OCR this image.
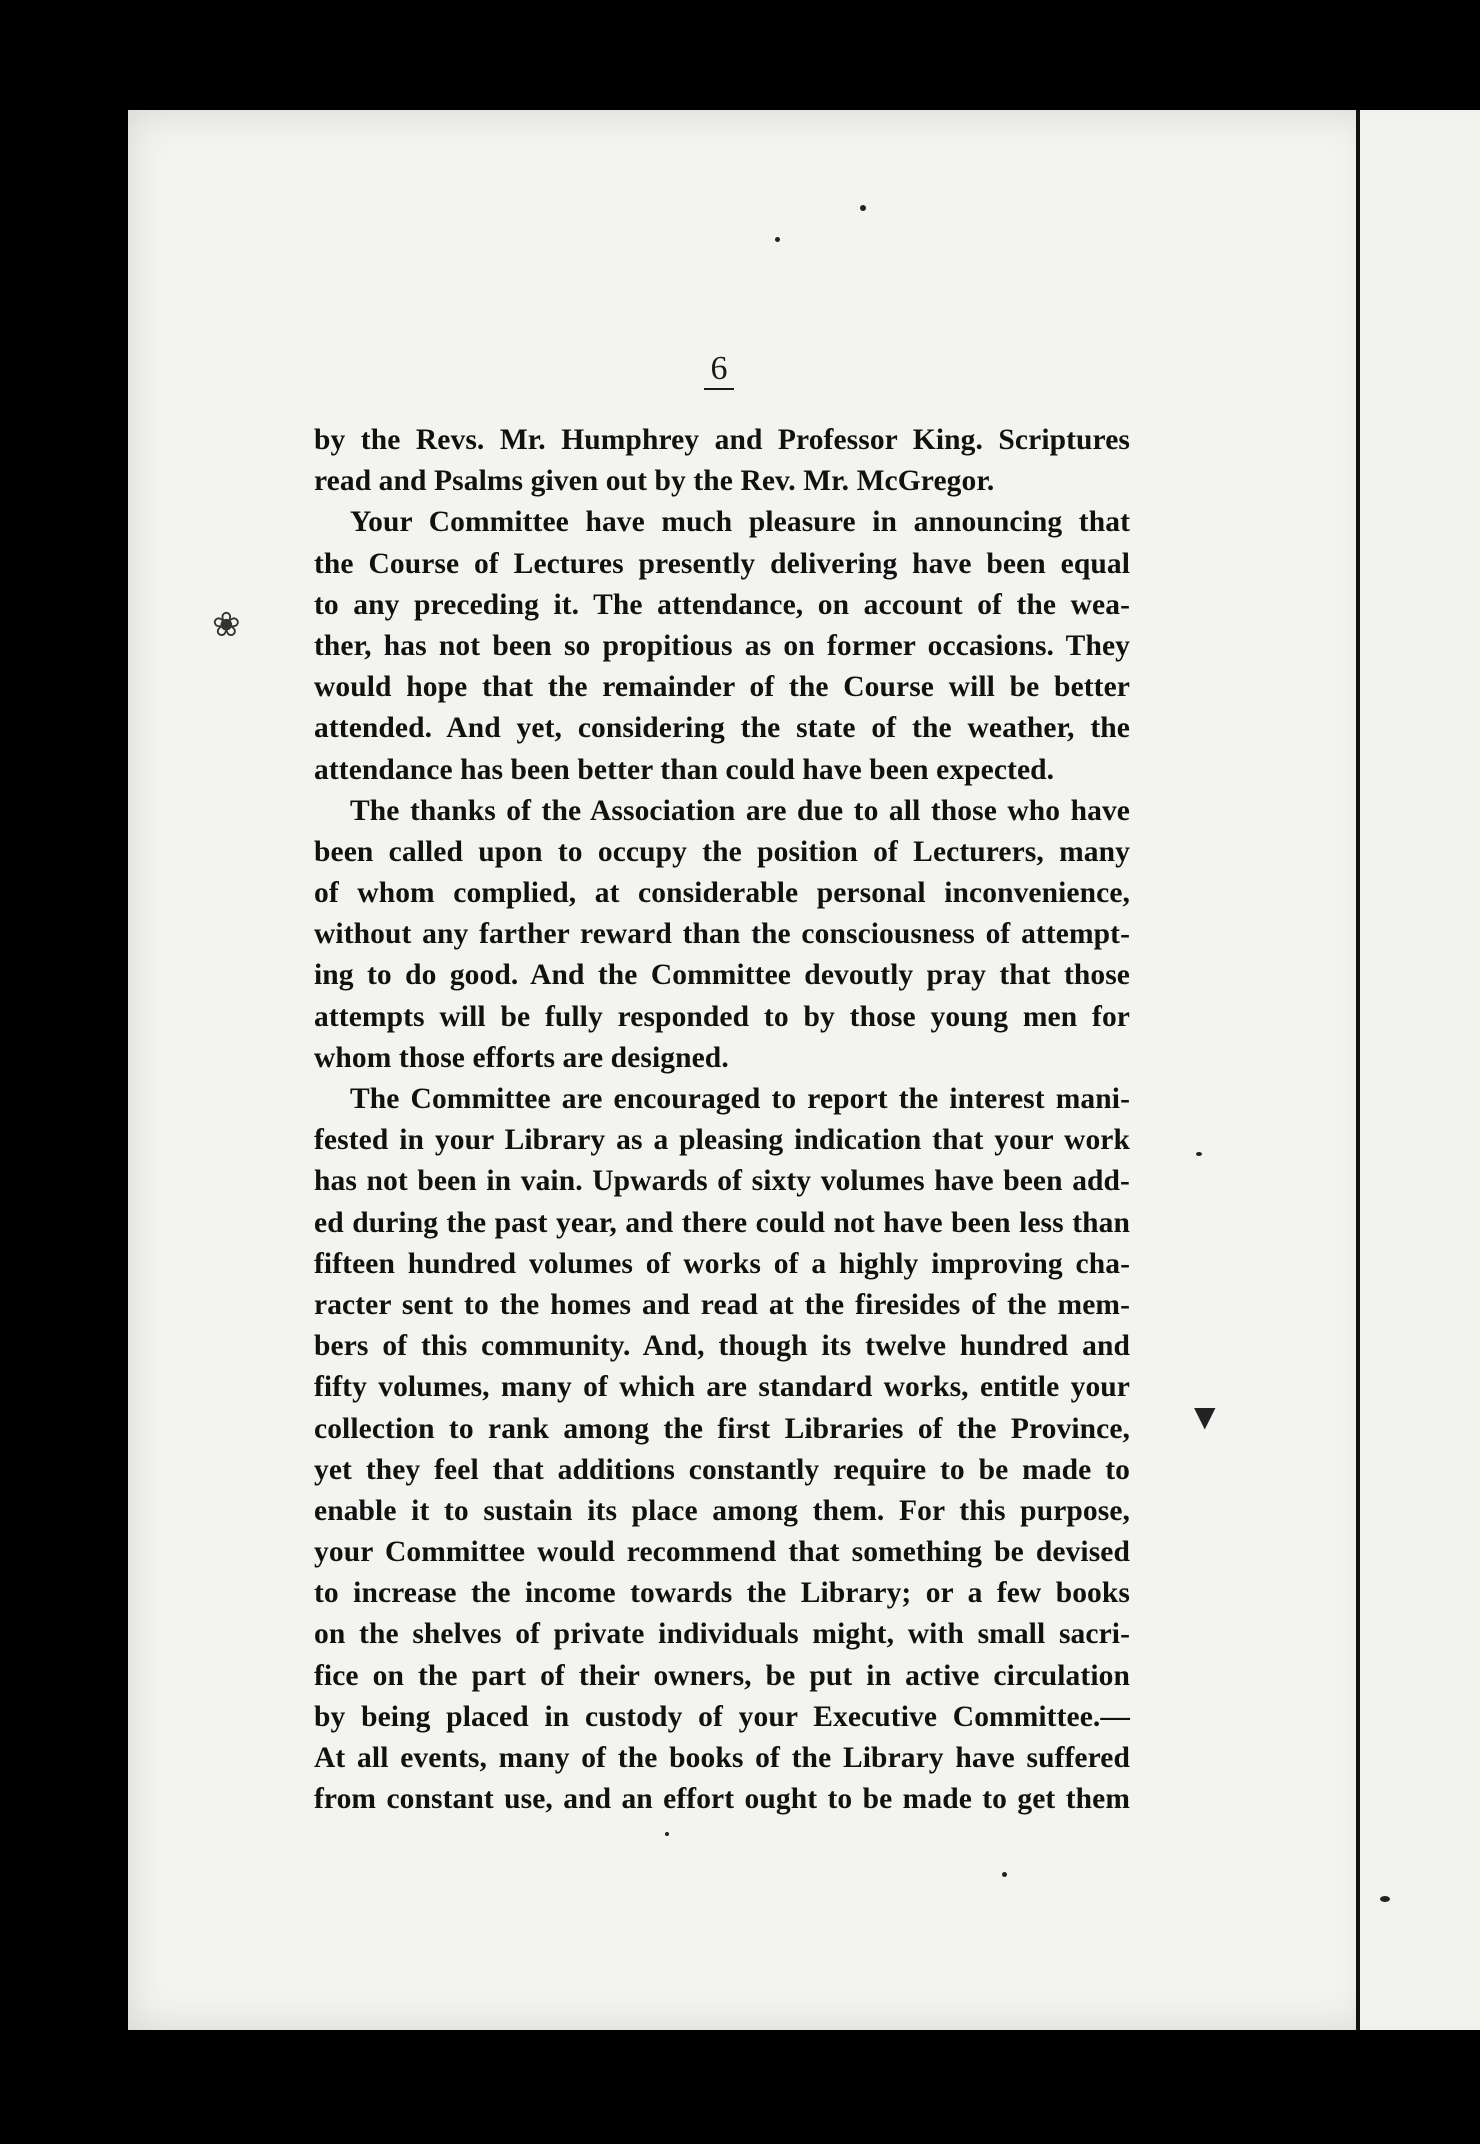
▼
❀
6
by the Revs. Mr. Humphrey and Professor King. Scriptures
read and Psalms given out by the Rev. Mr. McGregor.
Your Committee have much pleasure in announcing that
the Course of Lectures presently delivering have been equal
to any preceding it. The attendance, on account of the wea-
ther, has not been so propitious as on former occasions. They
would hope that the remainder of the Course will be better
attended. And yet, considering the state of the weather, the
attendance has been better than could have been expected.
The thanks of the Association are due to all those who have
been called upon to occupy the position of Lecturers, many
of whom complied, at considerable personal inconvenience,
without any farther reward than the consciousness of attempt-
ing to do good. And the Committee devoutly pray that those
attempts will be fully responded to by those young men for
whom those efforts are designed.
The Committee are encouraged to report the interest mani-
fested in your Library as a pleasing indication that your work
has not been in vain. Upwards of sixty volumes have been add-
ed during the past year, and there could not have been less than
fifteen hundred volumes of works of a highly improving cha-
racter sent to the homes and read at the firesides of the mem-
bers of this community. And, though its twelve hundred and
fifty volumes, many of which are standard works, entitle your
collection to rank among the first Libraries of the Province,
yet they feel that additions constantly require to be made to
enable it to sustain its place among them. For this purpose,
your Committee would recommend that something be devised
to increase the income towards the Library; or a few books
on the shelves of private individuals might, with small sacri-
fice on the part of their owners, be put in active circulation
by being placed in custody of your Executive Committee.—
At all events, many of the books of the Library have suffered
from constant use, and an effort ought to be made to get them
